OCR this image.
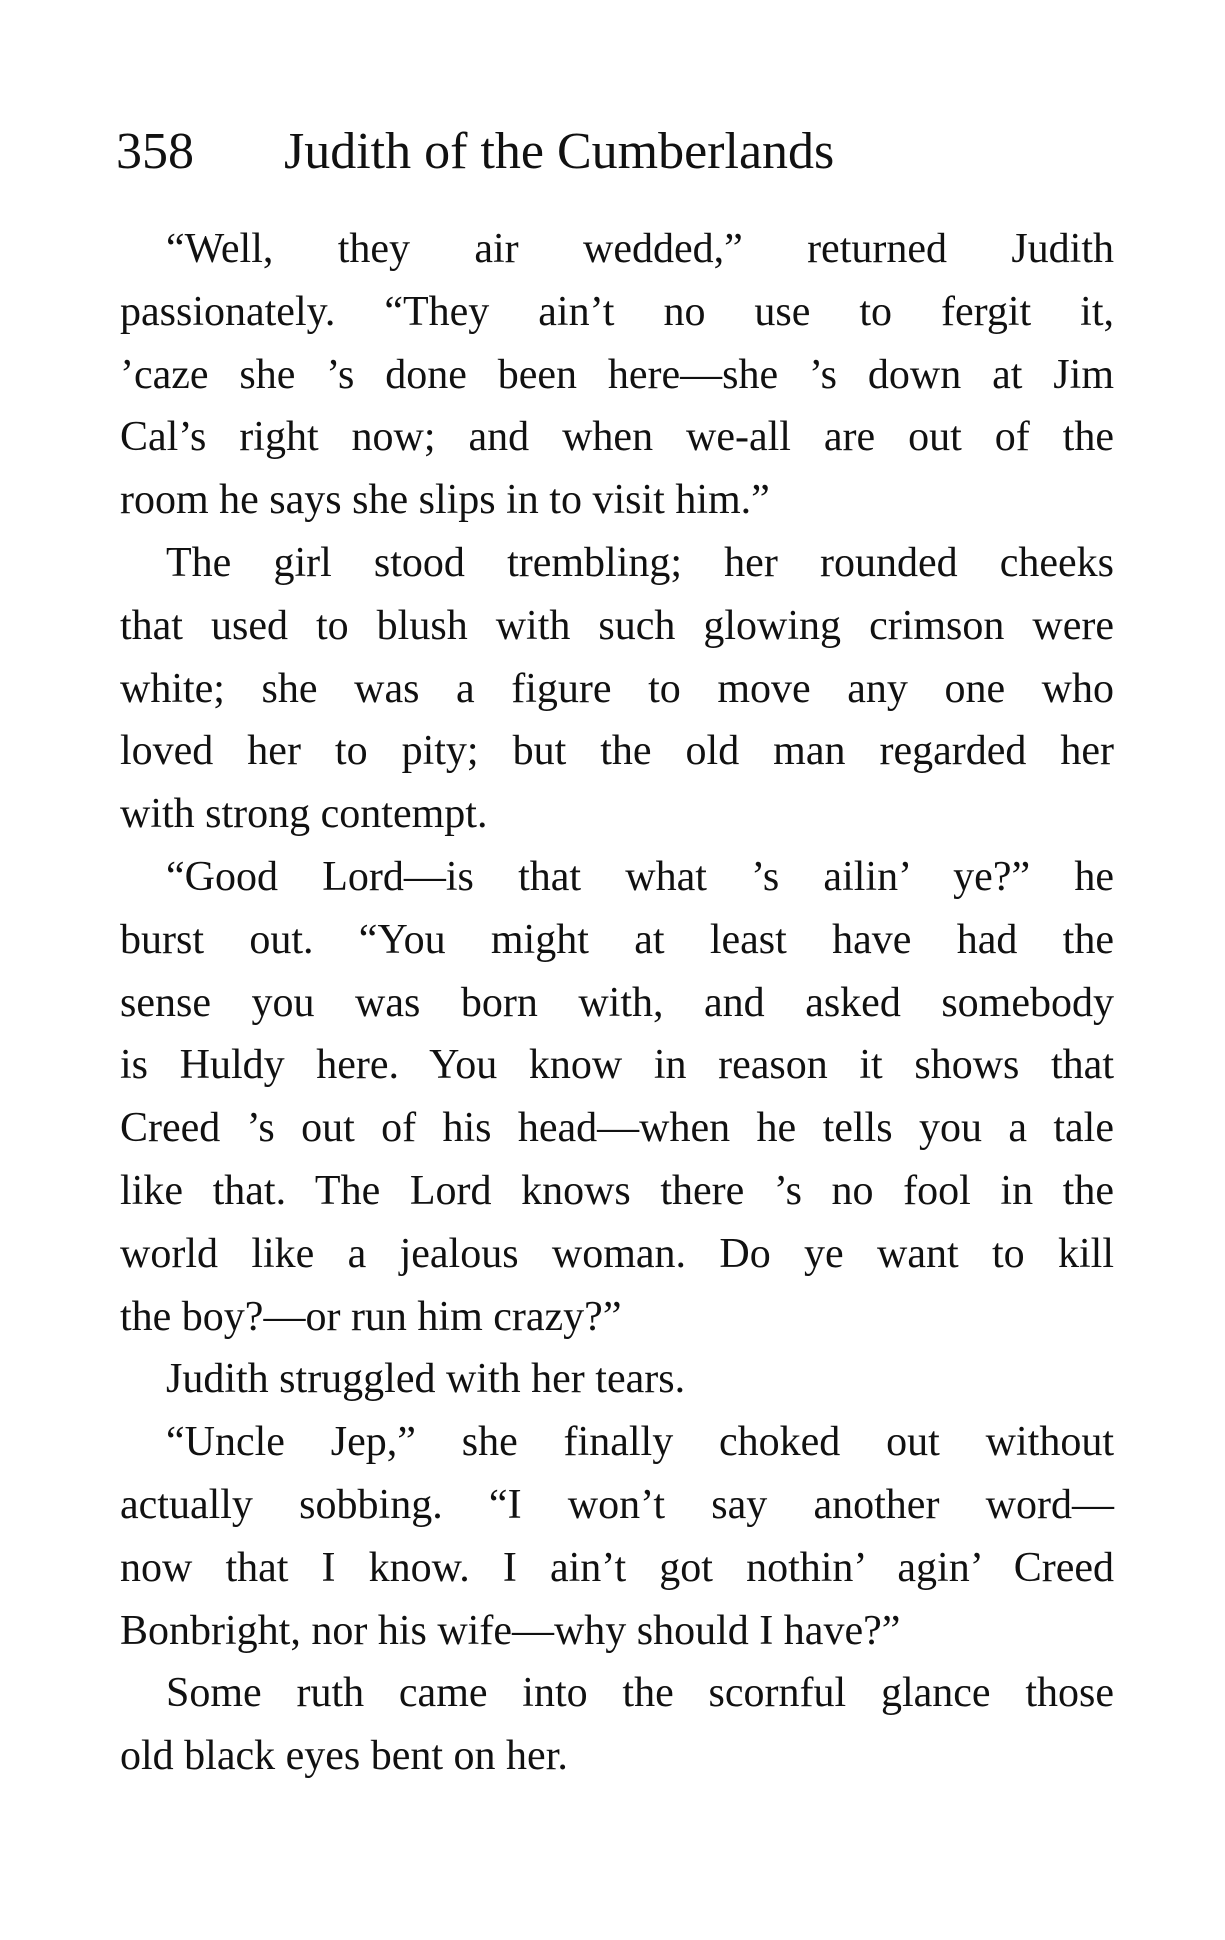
358 Judith of the Cumberlands
“Well, they air wedded,” returned Judith
passionately. “They ain’t no use to fergit it,
’caze she ’s done been here—she ’s down at Jim
Cal’s right now; and when we-all are out of the
room he says she slips in to visit him.”
The girl stood trembling; her rounded cheeks
that used to blush with such glowing crimson were
white; she was a figure to move any one who
loved her to pity; but the old man regarded her
with strong contempt.
“Good Lord—is that what ’s ailin’ ye?” he
burst out. “You might at least have had the
sense you was born with, and asked somebody
is Huldy here. You know in reason it shows that
Creed ’s out of his head—when he tells you a tale
like that. The Lord knows there ’s no fool in the
world like a jealous woman. Do ye want to kill
the boy?—or run him crazy?”
Judith struggled with her tears.
“Uncle Jep,” she finally choked out without
actually sobbing. “I won’t say another word—
now that I know. I ain’t got nothin’ agin’ Creed
Bonbright, nor his wife—why should I have?”
Some ruth came into the scornful glance those
old black eyes bent on her.
